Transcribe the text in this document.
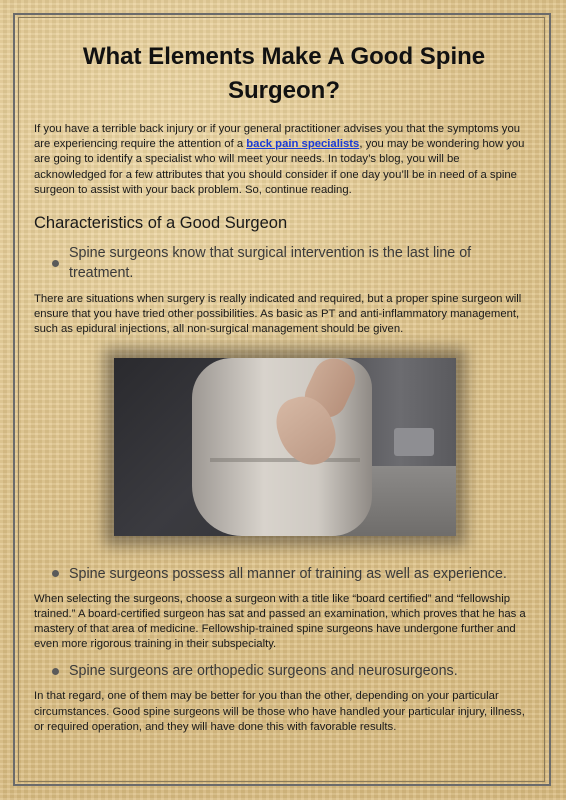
What Elements Make A Good Spine Surgeon?

If you have a terrible back injury or if your general practitioner advises you that the symptoms you are experiencing require the attention of a back pain specialists, you may be wondering how you are going to identify a specialist who will meet your needs. In today’s blog, you will be acknowledged for a few attributes that you should consider if one day you’ll be in need of a spine surgeon to assist with your back problem. So, continue reading.

Characteristics of a Good Surgeon
Spine surgeons know that surgical intervention is the last line of treatment.

There are situations when surgery is really indicated and required, but a proper spine surgeon will ensure that you have tried other possibilities. As basic as PT and anti-inflammatory management, such as epidural injections, all non-surgical management should be given.

Spine surgeons possess all manner of training as well as experience.

When selecting the surgeons, choose a surgeon with a title like “board certified” and “fellowship trained.” A board-certified surgeon has sat and passed an examination, which proves that he has a mastery of that area of medicine. Fellowship-trained spine surgeons have undergone further and even more rigorous training in their subspecialty.

Spine surgeons are orthopedic surgeons and neurosurgeons.

In that regard, one of them may be better for you than the other, depending on your particular circumstances. Good spine surgeons will be those who have handled your particular injury, illness, or required operation, and they will have done this with favorable results.
